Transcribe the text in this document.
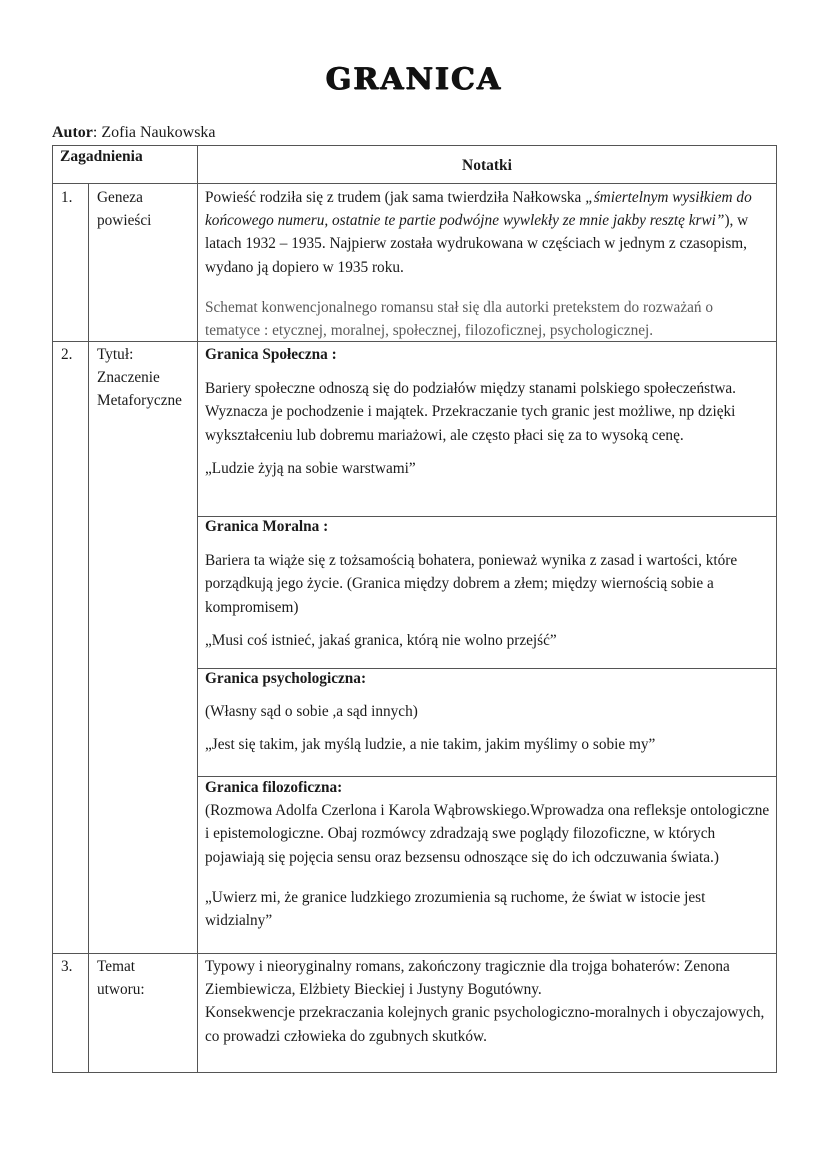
GRANICA
Autor: Zofia Naukowska
Zagadnienia
Notatki
1. Geneza powieści

Powieść rodziła się z trudem (jak sama twierdziła Nałkowska „śmiertelnym wysiłkiem do końcowego numeru, ostatnie te partie podwójne wywlekły ze mnie jakby resztę krwi”), w latach 1932 – 1935. Najpierw została wydrukowana w częściach w jednym z czasopism, wydano ją dopiero w 1935 roku.

Schemat konwencjonalnego romansu stał się dla autorki pretekstem do rozważań o tematyce : etycznej, moralnej, społecznej, filozoficznej, psychologicznej.

2. Tytuł:

Znaczenie Metaforyczne

Granica Społeczna :

Bariery społeczne odnoszą się do podziałów między stanami polskiego społeczeństwa. Wyznacza je pochodzenie i majątek. Przekraczanie tych granic jest możliwe, np dzięki wykształceniu lub dobremu mariażowi, ale często płaci się za to wysoką cenę.

„Ludzie żyją na sobie warstwami”

Granica Moralna :

Bariera ta wiąże się z tożsamością bohatera, ponieważ wynika z zasad i wartości, które porządkują jego życie. (Granica między dobrem a złem; między wiernością sobie a kompromisem)

„Musi coś istnieć, jakaś granica, którą nie wolno przejść”

Granica psychologiczna:

(Własny sąd o sobie ,a sąd innych)

„Jest się takim, jak myślą ludzie, a nie takim, jakim myślimy o sobie my”

Granica filozoficzna:

(Rozmowa Adolfa Czerlona i Karola Wąbrowskiego.Wprowadza ona refleksje ontologiczne i epistemologiczne. Obaj rozmówcy zdradzają swe poglądy filozoficzne, w których pojawiają się pojęcia sensu oraz bezsensu odnoszące się do ich odczuwania świata.)

„Uwierz mi, że granice ludzkiego zrozumienia są ruchome, że świat w istocie jest widzialny”

3. Temat utworu:

Typowy i nieoryginalny romans, zakończony tragicznie dla trojga bohaterów: Zenona Ziembiewicza, Elżbiety Bieckiej i Justyny Bogutówny.

Konsekwencje przekraczania kolejnych granic psychologiczno-moralnych i obyczajowych, co prowadzi człowieka do zgubnych skutków.
